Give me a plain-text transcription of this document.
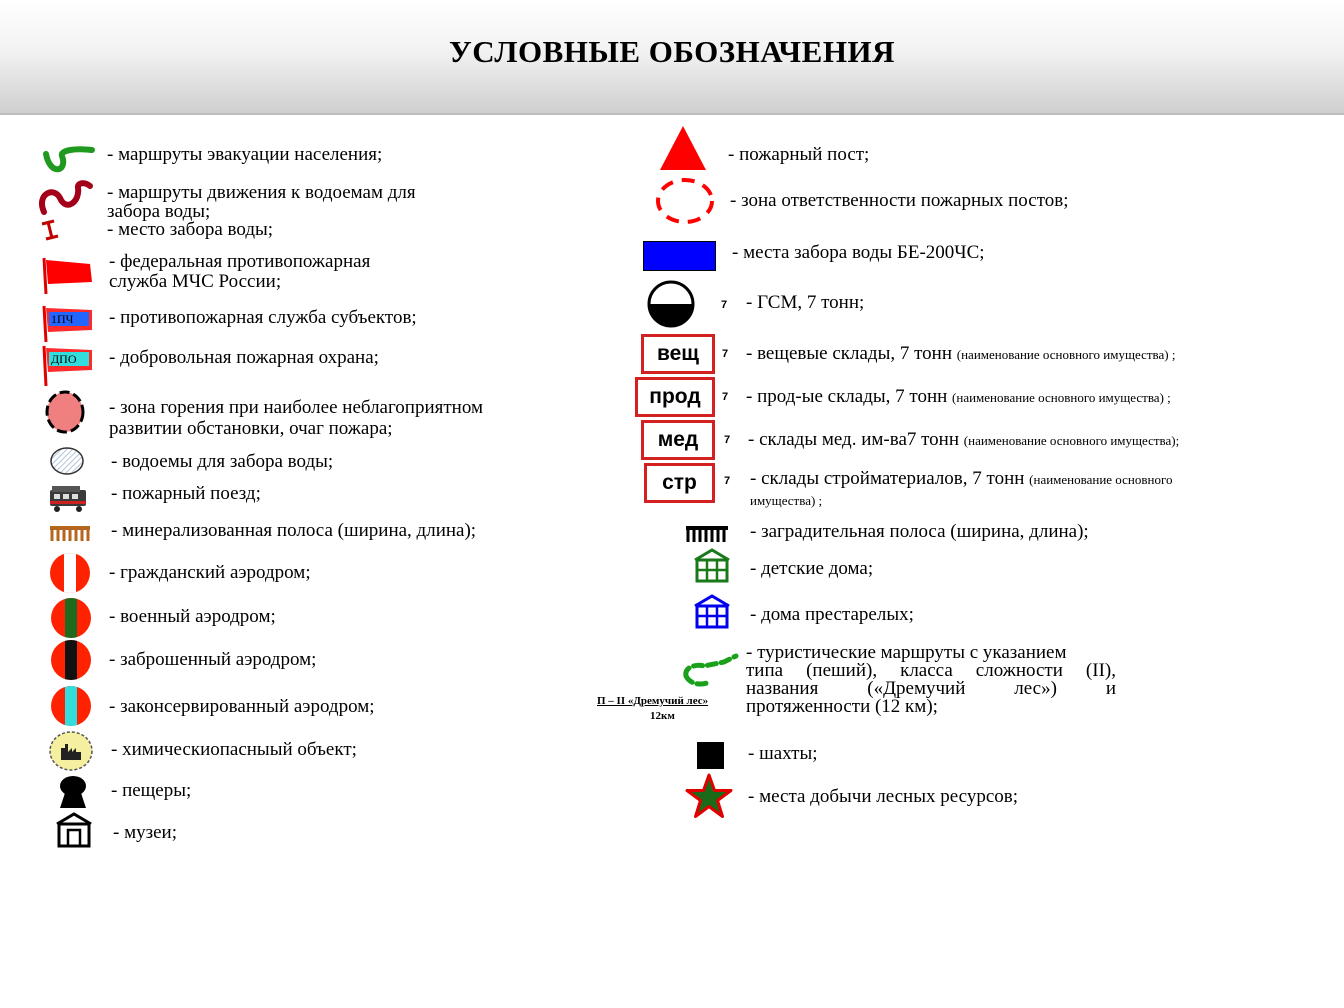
УСЛОВНЫЕ ОБОЗНАЧЕНИЯ
- маршруты эвакуации населения;
- маршруты движения к водоемам для
забора воды;
- место забора воды;
- федеральная противопожарная
служба МЧС России;
1ПЧ - противопожарная служба субъектов;
ДПО - добровольная пожарная охрана;
- зона горения при наиболее неблагоприятном
развитии обстановки, очаг пожара;
- водоемы для забора воды;
- пожарный поезд;
- минерализованная полоса (ширина, длина);
- гражданский аэродром;
- военный аэродром;
- заброшенный аэродром;
- законсервированный аэродром;
- химическиопасныый объект;
- пещеры;
- музеи;
- пожарный пост;
- зона ответственности пожарных постов;
- места забора воды БЕ-200ЧС;
7 - ГСМ, 7 тонн;
вещ	7 - вещевые склады, 7 тонн (наименование основного имущества) ;
прод	7 - прод-ые склады, 7 тонн (наименование основного имущества) ;
мед	7 - склады мед. им-ва7 тонн (наименование основного имущества);
стр	7 - склады стройматериалов, 7 тонн (наименование основного
имущества) ;
- заградительная полоса (ширина, длина);
- детские дома;
- дома престарелых;
- туристические маршруты с указанием
типа (пеший), класса сложности (II),
названия («Дремучий лес») и
протяженности (12 км);
П – II «Дремучий лес»
12км
- шахты;
- места добычи лесных ресурсов;
